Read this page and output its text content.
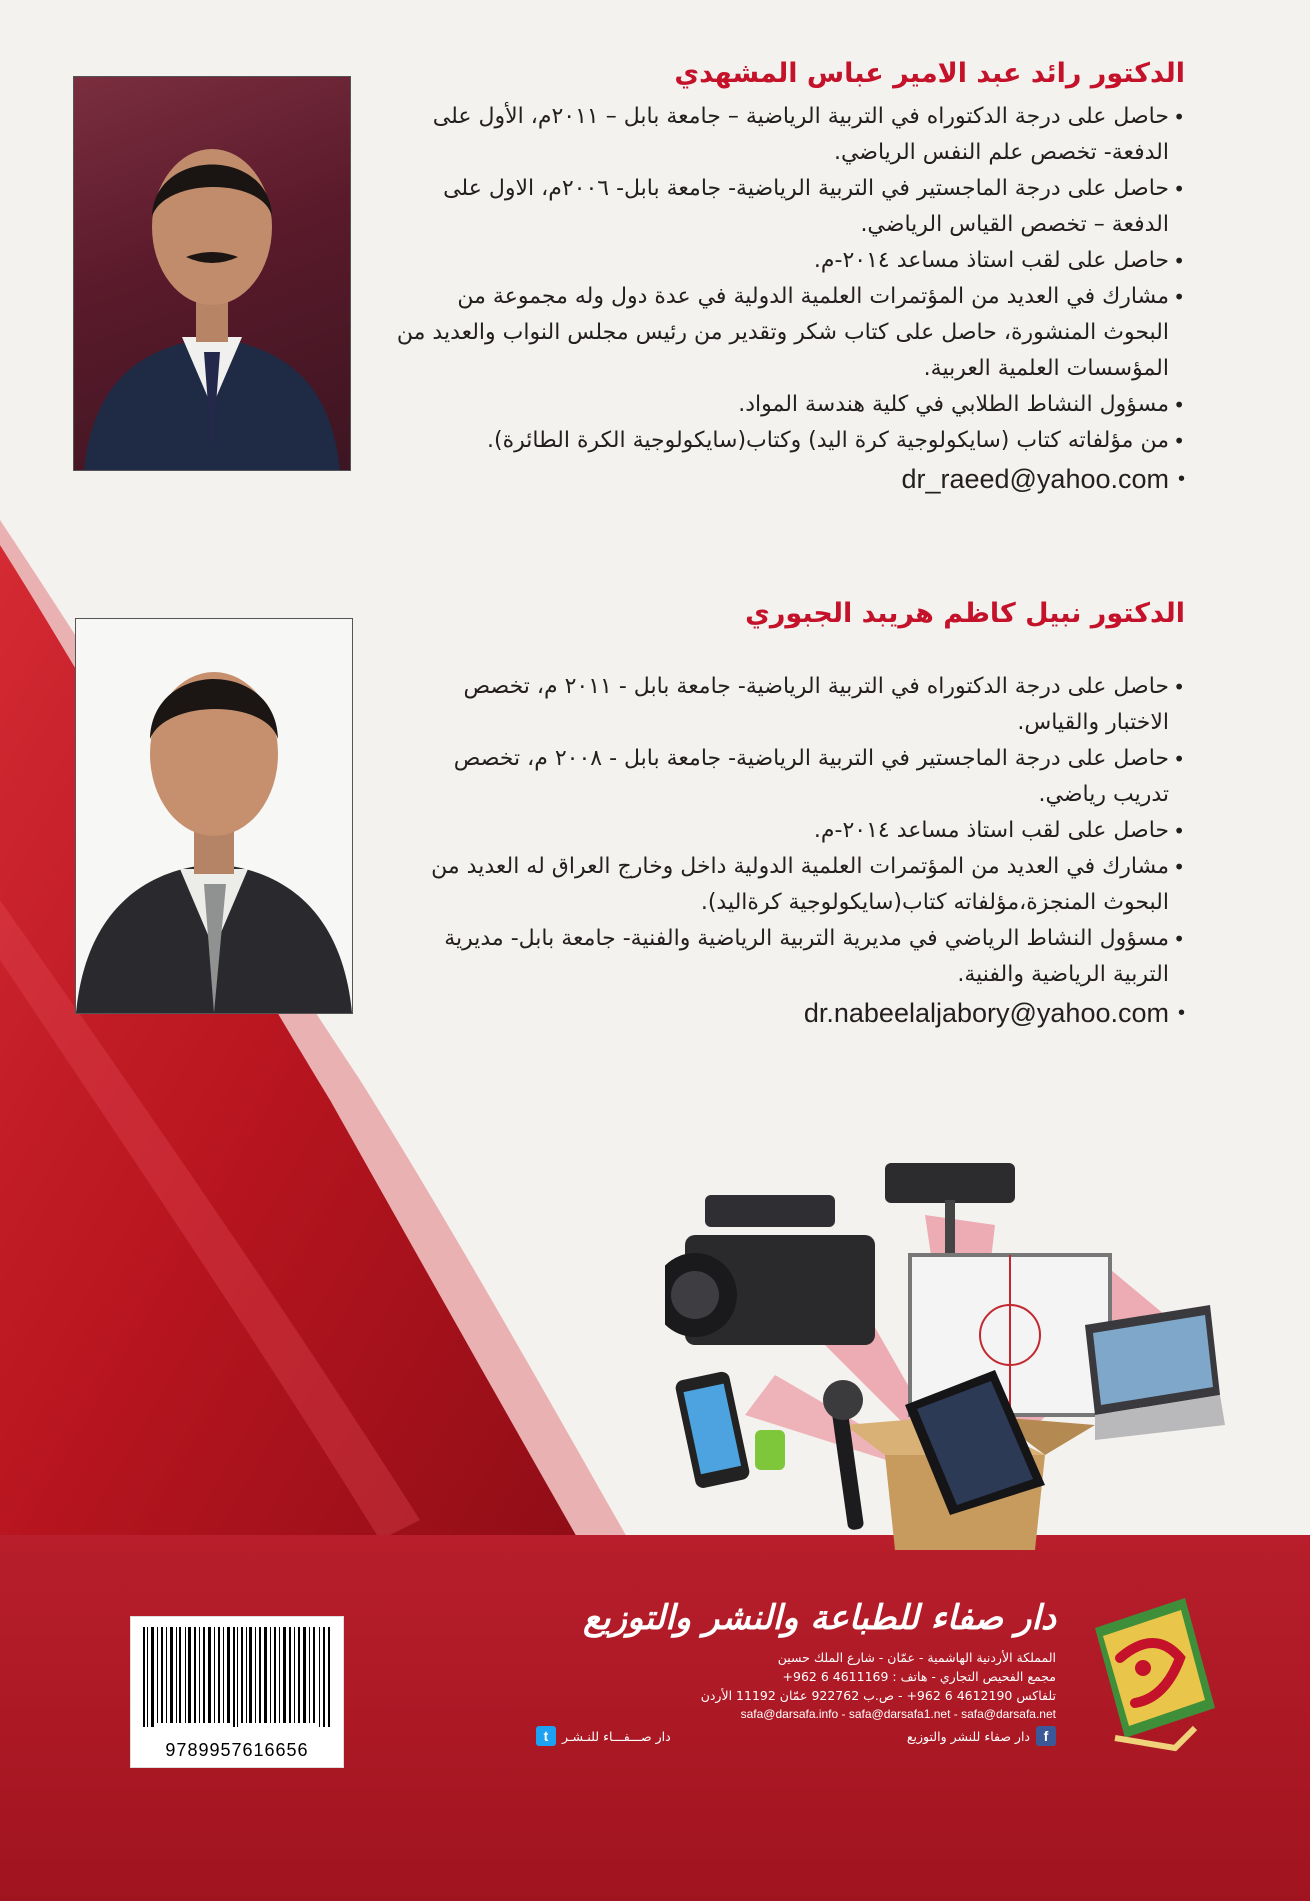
الدكتور رائد عبد الامير عباس المشهدي
• حاصل على درجة الدكتوراه في التربية الرياضية – جامعة بابل – ٢٠١١م، الأول على الدفعة- تخصص علم النفس الرياضي.
• حاصل على درجة الماجستير في التربية الرياضية- جامعة بابل- ٢٠٠٦م، الاول على الدفعة – تخصص القياس الرياضي.
• حاصل على لقب استاذ مساعد ٢٠١٤-م.
• مشارك في العديد من المؤتمرات العلمية الدولية في عدة دول وله مجموعة من البحوث المنشورة، حاصل على كتاب شكر وتقدير من رئيس مجلس النواب والعديد من المؤسسات العلمية العربية.
• مسؤول النشاط الطلابي في كلية هندسة المواد.
• من مؤلفاته كتاب (سايكولوجية كرة اليد) وكتاب(سايكولوجية الكرة الطائرة).
• dr_raeed@yahoo.com
الدكتور نبيل كاظم هريبد الجبوري
• حاصل على درجة الدكتوراه في التربية الرياضية- جامعة بابل - ٢٠١١ م، تخصص الاختبار والقياس.
• حاصل على درجة الماجستير في التربية الرياضية- جامعة بابل - ٢٠٠٨ م، تخصص تدريب رياضي.
• حاصل على لقب استاذ مساعد ٢٠١٤-م.
• مشارك في العديد من المؤتمرات العلمية الدولية داخل وخارج العراق له العديد من البحوث المنجزة،مؤلفاته كتاب(سايكولوجية كرةاليد).
• مسؤول النشاط الرياضي في مديرية التربية الرياضية والفنية- جامعة بابل- مديرية التربية الرياضية والفنية.
• dr.nabeelaljabory@yahoo.com
9789957616656
دار صفاء للطباعة والنشر والتوزيع
المملكة الأردنية الهاشمية - عمّان - شارع الملك حسين
مجمع الفحيص التجاري - هاتف : 4611169 6 962+
تلفاكس 4612190 6 962+ - ص.ب 922762 عمّان 11192 الأردن
safa@darsafa.info - safa@darsafa1.net - safa@darsafa.net
f
دار صفاء للنشر والتوزيع
دار صـــفـــاء للنـشـر
t
